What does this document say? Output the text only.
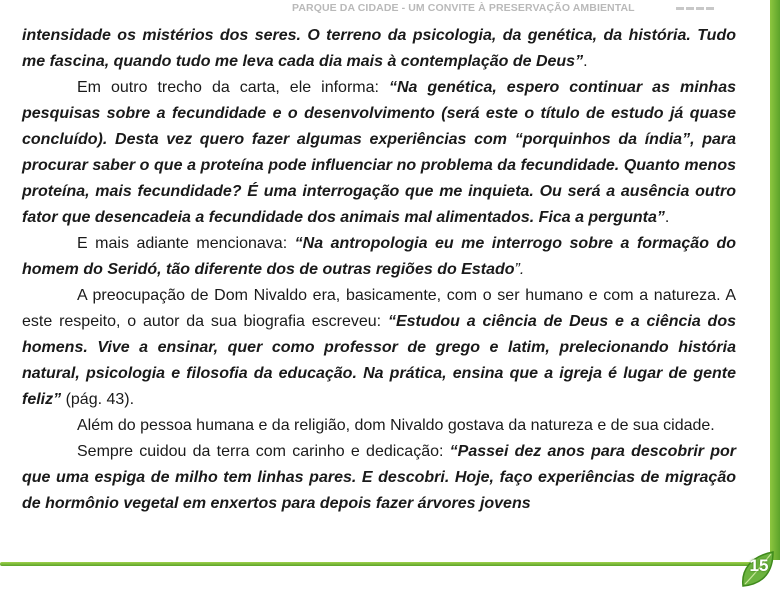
PARQUE DA CIDADE - UM CONVITE À PRESERVAÇÃO AMBIENTAL
15

intensidade os mistérios dos seres. O terreno da psicologia, da genética, da história. Tudo me fascina, quando tudo me leva cada dia mais à contemplação de Deus”.

Em outro trecho da carta, ele informa: “Na genética, espero continuar as minhas pesquisas sobre a fecundidade e o desenvolvimento (será este o título de estudo já quase concluído). Desta vez quero fazer algumas experiências com “porquinhos da índia”, para procurar saber o que a proteína pode influenciar no problema da fecundidade. Quanto menos proteína, mais fecundidade? É uma interrogação que me inquieta. Ou será a ausência outro fator que desencadeia a fecundidade dos animais mal alimentados. Fica a pergunta”.

E mais adiante mencionava: “Na antropologia eu me interrogo sobre a formação do homem do Seridó, tão diferente dos de outras regiões do Estado”.

A preocupação de Dom Nivaldo era, basicamente, com o ser humano e com a natureza. A este respeito, o autor da sua biografia escreveu: “Estudou a ciência de Deus e a ciência dos homens. Vive a ensinar, quer como professor de grego e latim, prelecionando história natural, psicologia e filosofia da educação. Na prática, ensina que a igreja é lugar de gente feliz” (pág. 43).

Além do pessoa humana e da religião, dom Nivaldo gostava da natureza e de sua cidade.

Sempre cuidou da terra com carinho e dedicação: “Passei dez anos para descobrir por que uma espiga de milho tem linhas pares. E descobri. Hoje, faço experiências de migração de hormônio vegetal em enxertos para depois fazer árvores jovens
